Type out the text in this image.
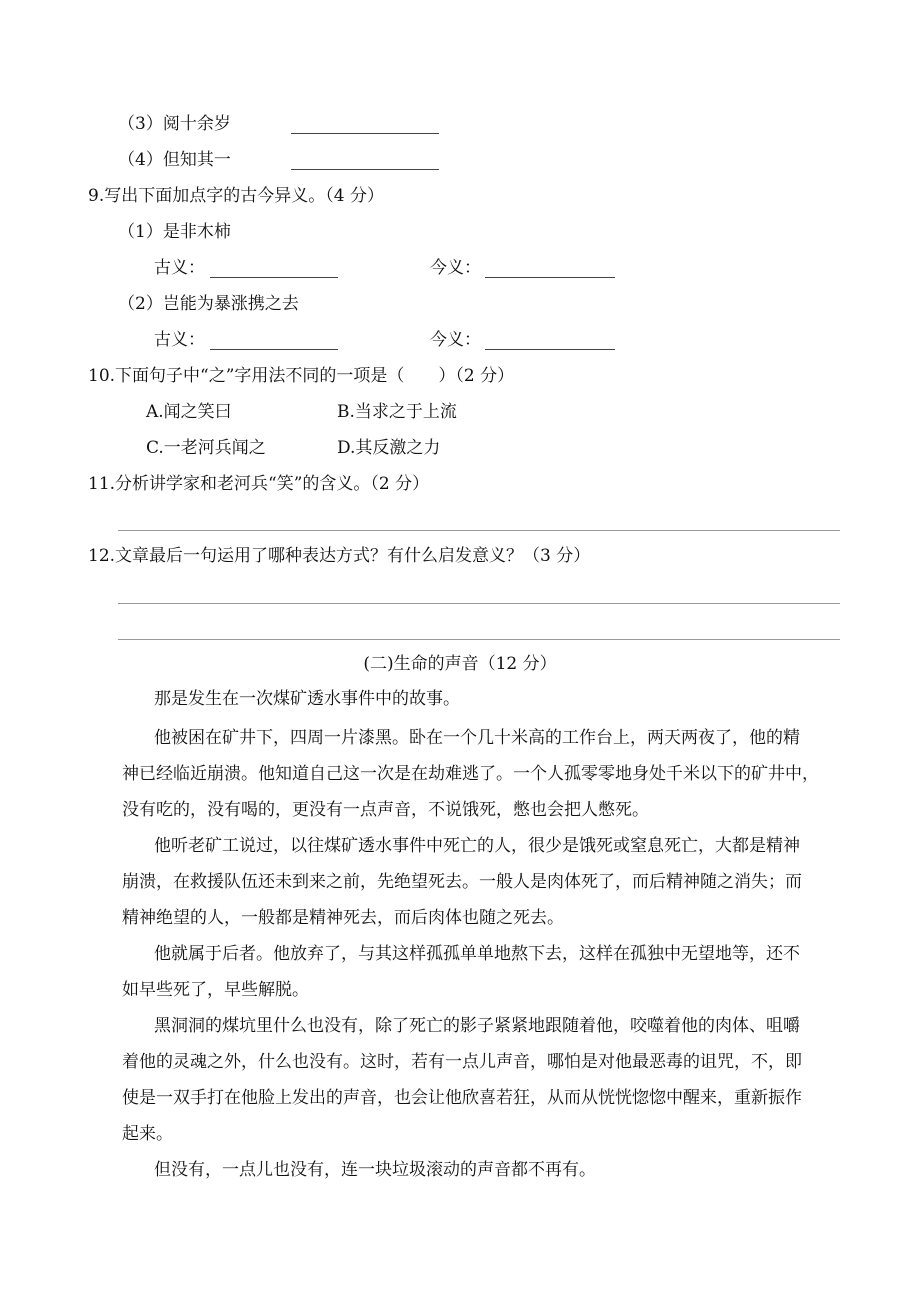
（3）阅十余岁
（4）但知其一
9.写出下面加点字的古今异义。（4 分）
（1）是非木柿
古义：	今义：
（2）岂能为暴涨携之去
古义：	今义：
10.下面句子中“之”字用法不同的一项是（　　）（2 分）
A.闻之笑曰	B.当求之于上流
C.一老河兵闻之	D.其反激之力
11.分析讲学家和老河兵“笑”的含义。（2 分）
12.文章最后一句运用了哪种表达方式？有什么启发意义？（3 分）
(二)生命的声音（12 分）
那是发生在一次煤矿透水事件中的故事。
他被困在矿井下，四周一片漆黑。卧在一个几十米高的工作台上，两天两夜了，他的精
神已经临近崩溃。他知道自己这一次是在劫难逃了。一个人孤零零地身处千米以下的矿井中，
没有吃的，没有喝的，更没有一点声音，不说饿死，憋也会把人憋死。
他听老矿工说过，以往煤矿透水事件中死亡的人，很少是饿死或窒息死亡，大都是精神
崩溃，在救援队伍还未到来之前，先绝望死去。一般人是肉体死了，而后精神随之消失；而
精神绝望的人，一般都是精神死去，而后肉体也随之死去。
他就属于后者。他放弃了，与其这样孤孤单单地熬下去，这样在孤独中无望地等，还不
如早些死了，早些解脱。
黑洞洞的煤坑里什么也没有，除了死亡的影子紧紧地跟随着他，咬噬着他的肉体、咀嚼
着他的灵魂之外，什么也没有。这时，若有一点儿声音，哪怕是对他最恶毒的诅咒，不，即
使是一双手打在他脸上发出的声音，也会让他欣喜若狂，从而从恍恍惚惚中醒来，重新振作
起来。
但没有，一点儿也没有，连一块垃圾滚动的声音都不再有。
